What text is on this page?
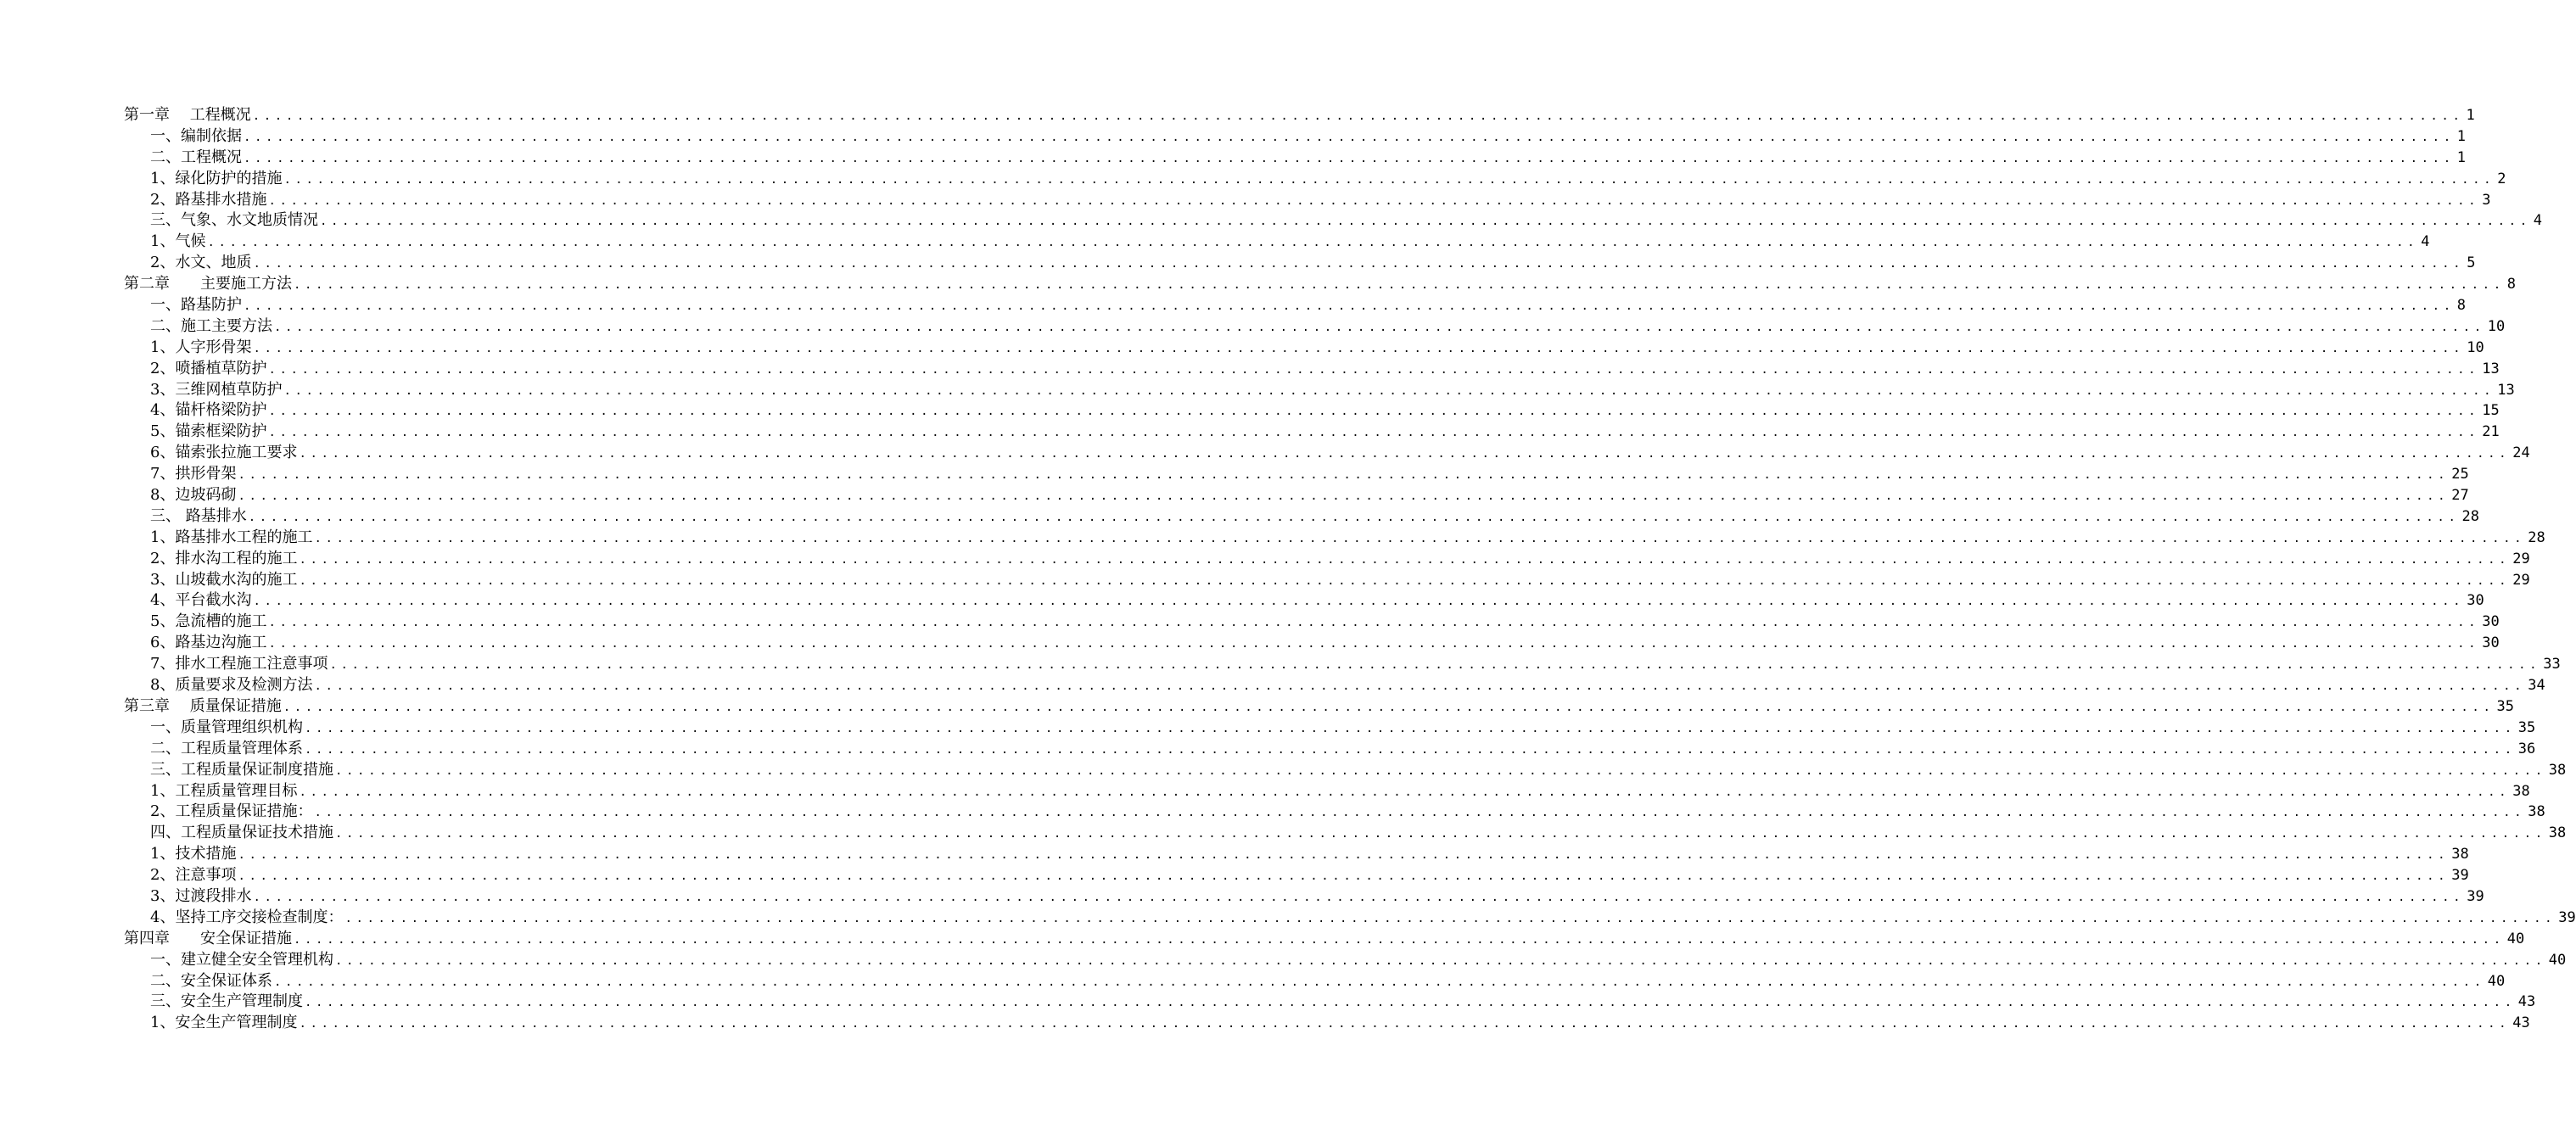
第一章　 工程概况 ........................................................................................................................................................................................................ 1
一、编制依据 ........................................................................................................................................................................................................ 1
二、工程概况 ........................................................................................................................................................................................................ 1
1、绿化防护的措施 ........................................................................................................................................................................................................ 2
2、路基排水措施 ........................................................................................................................................................................................................ 3
三、气象、水文地质情况 ........................................................................................................................................................................................................ 4
1、气候 ........................................................................................................................................................................................................ 4
2、水文、地质 ........................................................................................................................................................................................................ 5
第二章　　主要施工方法 ........................................................................................................................................................................................................ 8
一、路基防护 ........................................................................................................................................................................................................ 8
二、施工主要方法 ........................................................................................................................................................................................................ 10
1、人字形骨架 ........................................................................................................................................................................................................ 10
2、喷播植草防护 ........................................................................................................................................................................................................ 13
3、三维网植草防护 ........................................................................................................................................................................................................ 13
4、锚杆格梁防护 ........................................................................................................................................................................................................ 15
5、锚索框梁防护 ........................................................................................................................................................................................................ 21
6、锚索张拉施工要求 ........................................................................................................................................................................................................ 24
7、拱形骨架 ........................................................................................................................................................................................................ 25
8、边坡码砌 ........................................................................................................................................................................................................ 27
三、 路基排水 ........................................................................................................................................................................................................ 28
1、路基排水工程的施工 ........................................................................................................................................................................................................ 28
2、排水沟工程的施工 ........................................................................................................................................................................................................ 29
3、山坡截水沟的施工 ........................................................................................................................................................................................................ 29
4、平台截水沟 ........................................................................................................................................................................................................ 30
5、急流槽的施工 ........................................................................................................................................................................................................ 30
6、路基边沟施工 ........................................................................................................................................................................................................ 30
7、排水工程施工注意事项 ........................................................................................................................................................................................................ 33
8、质量要求及检测方法 ........................................................................................................................................................................................................ 34
第三章　 质量保证措施 ........................................................................................................................................................................................................ 35
一、质量管理组织机构 ........................................................................................................................................................................................................ 35
二、工程质量管理体系 ........................................................................................................................................................................................................ 36
三、工程质量保证制度措施 ........................................................................................................................................................................................................ 38
1、工程质量管理目标 ........................................................................................................................................................................................................ 38
2、工程质量保证措施： ........................................................................................................................................................................................................ 38
四、工程质量保证技术措施 ........................................................................................................................................................................................................ 38
1、技术措施 ........................................................................................................................................................................................................ 38
2、注意事项 ........................................................................................................................................................................................................ 39
3、过渡段排水 ........................................................................................................................................................................................................ 39
4、坚持工序交接检查制度： ........................................................................................................................................................................................................ 39
第四章　　安全保证措施 ........................................................................................................................................................................................................ 40
一、建立健全安全管理机构 ........................................................................................................................................................................................................ 40
二、安全保证体系 ........................................................................................................................................................................................................ 40
三、安全生产管理制度 ........................................................................................................................................................................................................ 43
1、安全生产管理制度 ........................................................................................................................................................................................................ 43
